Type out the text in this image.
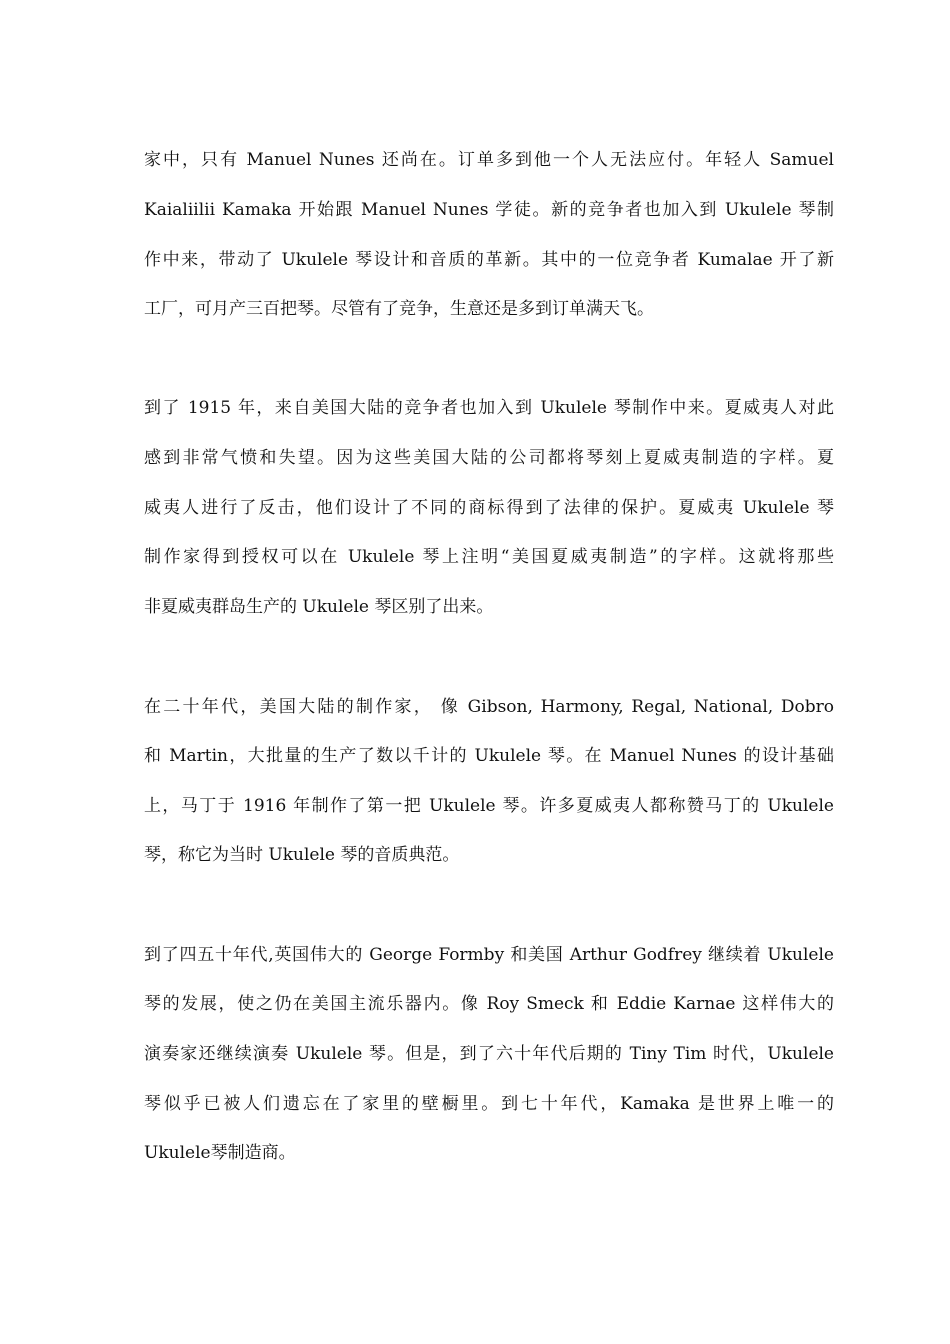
家中，只有 Manuel Nunes 还尚在。订单多到他一个人无法应付。年轻人 Samuel
Kaialiilii Kamaka 开始跟 Manuel Nunes 学徒。新的竞争者也加入到 Ukulele 琴制
作中来，带动了 Ukulele 琴设计和音质的革新。其中的一位竞争者 Kumalae 开了新
工厂，可月产三百把琴。尽管有了竞争，生意还是多到订单满天飞。
到了 1915 年，来自美国大陆的竞争者也加入到 Ukulele 琴制作中来。夏威夷人对此
感到非常气愤和失望。因为这些美国大陆的公司都将琴刻上夏威夷制造的字样。夏
威夷人进行了反击，他们设计了不同的商标得到了法律的保护。夏威夷 Ukulele 琴
制作家得到授权可以在 Ukulele 琴上注明“美国夏威夷制造”的字样。这就将那些
非夏威夷群岛生产的 Ukulele 琴区别了出来。
在二十年代，美国大陆的制作家， 像 Gibson, Harmony, Regal, National, Dobro
和 Martin，大批量的生产了数以千计的 Ukulele 琴。在 Manuel Nunes 的设计基础
上，马丁于 1916 年制作了第一把 Ukulele 琴。许多夏威夷人都称赞马丁的 Ukulele
琴，称它为当时 Ukulele 琴的音质典范。
到了四五十年代,英国伟大的 George Formby 和美国 Arthur Godfrey 继续着 Ukulele
琴的发展，使之仍在美国主流乐器内。像 Roy Smeck 和 Eddie Karnae 这样伟大的
演奏家还继续演奏 Ukulele 琴。但是，到了六十年代后期的 Tiny Tim 时代，Ukulele
琴似乎已被人们遗忘在了家里的壁橱里。到七十年代，Kamaka 是世界上唯一的
Ukulele琴制造商。
